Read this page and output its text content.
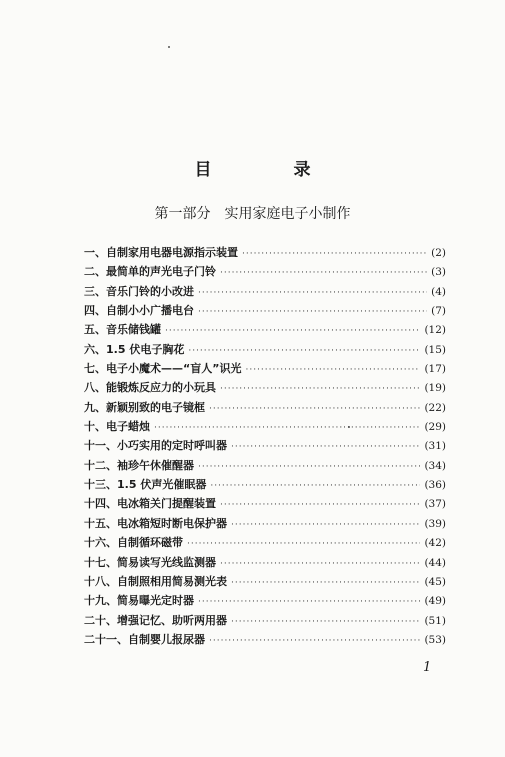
目 录
第一部分 实用家庭电子小制作
一、自制家用电器电源指示装置 ·····	(2)
二、最简单的声光电子门铃 ·····	(3)
三、音乐门铃的小改进 ·····	(4)
四、自制小小广播电台 ·····	(7)
五、音乐储钱罐 ·····	(12)
六、1.5 伏电子胸花 ·····	(15)
七、电子小魔术——“盲人”识光 ·····	(17)
八、能锻炼反应力的小玩具 ·····	(19)
九、新颖别致的电子镜框 ·····	(22)
十、电子蜡烛 ·····	(29)
十一、小巧实用的定时呼叫器 ·····	(31)
十二、袖珍午休催醒器 ·····	(34)
十三、1.5 伏声光催眠器 ·····	(36)
十四、电冰箱关门提醒装置 ·····	(37)
十五、电冰箱短时断电保护器 ·····	(39)
十六、自制循环磁带 ·····	(42)
十七、简易读写光线监测器 ·····	(44)
十八、自制照相用简易测光表 ·····	(45)
十九、简易曝光定时器 ·····	(49)
二十、增强记忆、助听两用器 ·····	(51)
二十一、自制婴儿报尿器 ·····	(53)
1
